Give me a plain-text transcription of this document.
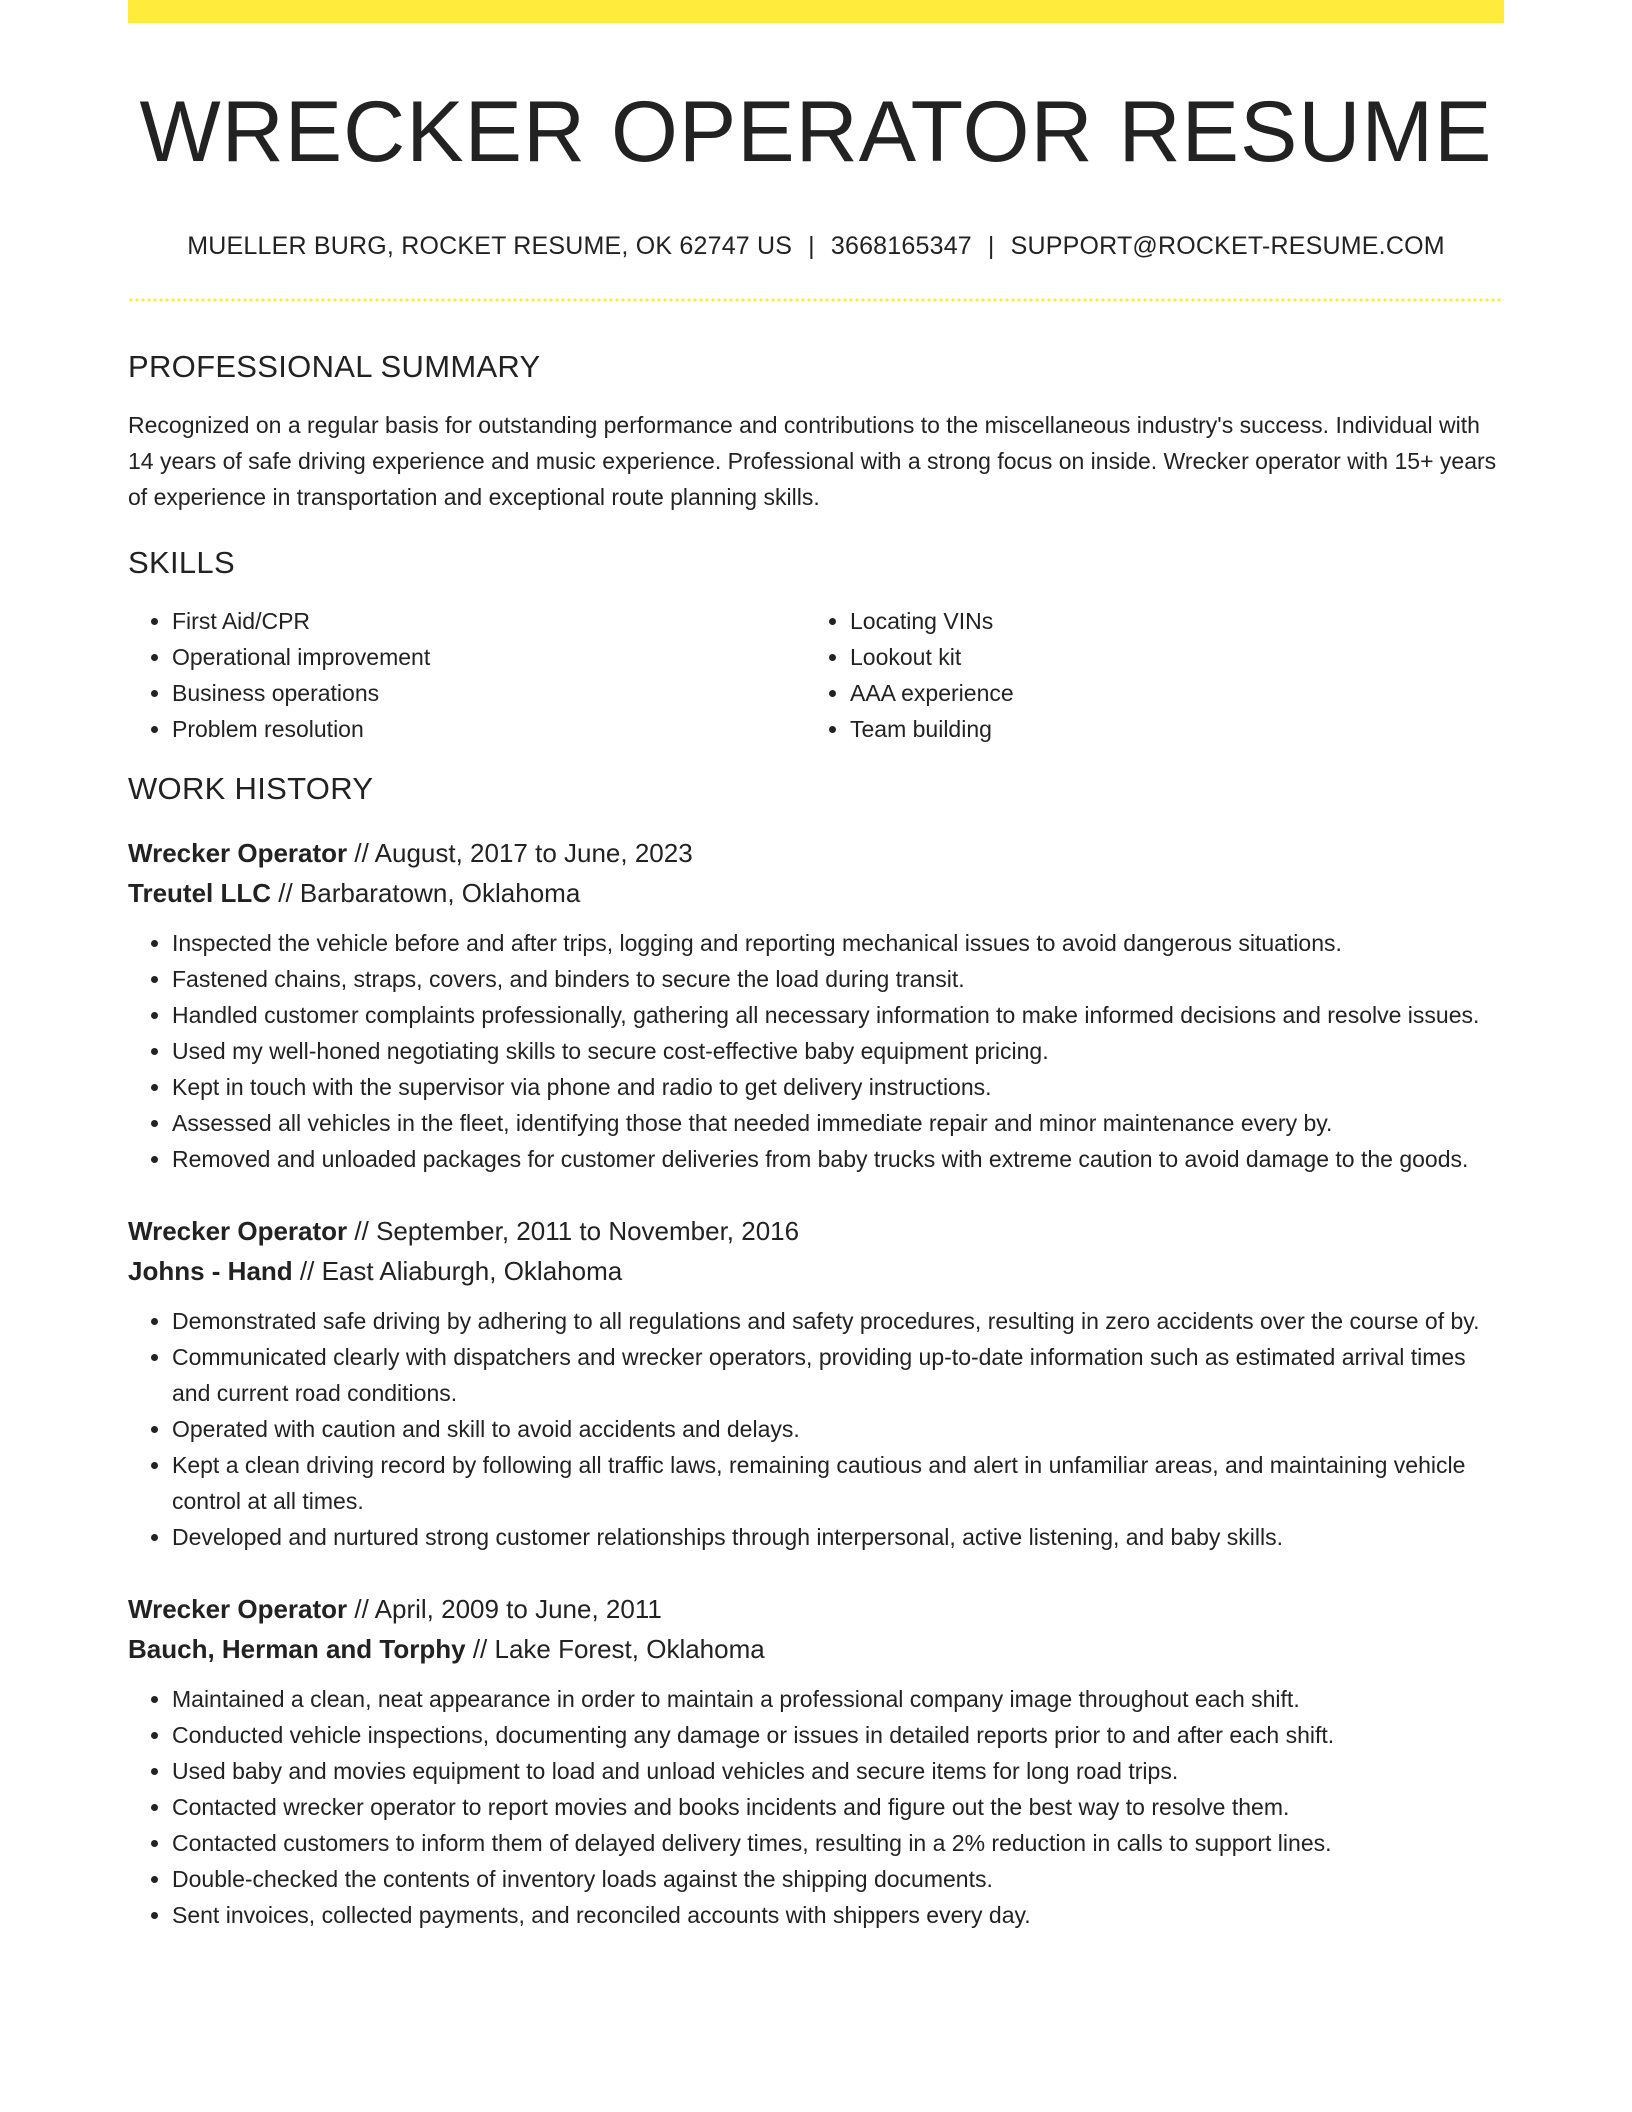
WRECKER OPERATOR RESUME
MUELLER BURG, ROCKET RESUME, OK 62747 US | 3668165347 | SUPPORT@ROCKET-RESUME.COM
PROFESSIONAL SUMMARY
Recognized on a regular basis for outstanding performance and contributions to the miscellaneous industry's success. Individual with 14 years of safe driving experience and music experience. Professional with a strong focus on inside. Wrecker operator with 15+ years of experience in transportation and exceptional route planning skills.
SKILLS
• First Aid/CPR
• Operational improvement
• Business operations
• Problem resolution
• Locating VINs
• Lookout kit
• AAA experience
• Team building
WORK HISTORY
Wrecker Operator // August, 2017 to June, 2023
Treutel LLC // Barbaratown, Oklahoma
• Inspected the vehicle before and after trips, logging and reporting mechanical issues to avoid dangerous situations.
• Fastened chains, straps, covers, and binders to secure the load during transit.
• Handled customer complaints professionally, gathering all necessary information to make informed decisions and resolve issues.
• Used my well-honed negotiating skills to secure cost-effective baby equipment pricing.
• Kept in touch with the supervisor via phone and radio to get delivery instructions.
• Assessed all vehicles in the fleet, identifying those that needed immediate repair and minor maintenance every by.
• Removed and unloaded packages for customer deliveries from baby trucks with extreme caution to avoid damage to the goods.
Wrecker Operator // September, 2011 to November, 2016
Johns - Hand // East Aliaburgh, Oklahoma
• Demonstrated safe driving by adhering to all regulations and safety procedures, resulting in zero accidents over the course of by.
• Communicated clearly with dispatchers and wrecker operators, providing up-to-date information such as estimated arrival times and current road conditions.
• Operated with caution and skill to avoid accidents and delays.
• Kept a clean driving record by following all traffic laws, remaining cautious and alert in unfamiliar areas, and maintaining vehicle control at all times.
• Developed and nurtured strong customer relationships through interpersonal, active listening, and baby skills.
Wrecker Operator // April, 2009 to June, 2011
Bauch, Herman and Torphy // Lake Forest, Oklahoma
• Maintained a clean, neat appearance in order to maintain a professional company image throughout each shift.
• Conducted vehicle inspections, documenting any damage or issues in detailed reports prior to and after each shift.
• Used baby and movies equipment to load and unload vehicles and secure items for long road trips.
• Contacted wrecker operator to report movies and books incidents and figure out the best way to resolve them.
• Contacted customers to inform them of delayed delivery times, resulting in a 2% reduction in calls to support lines.
• Double-checked the contents of inventory loads against the shipping documents.
• Sent invoices, collected payments, and reconciled accounts with shippers every day.
